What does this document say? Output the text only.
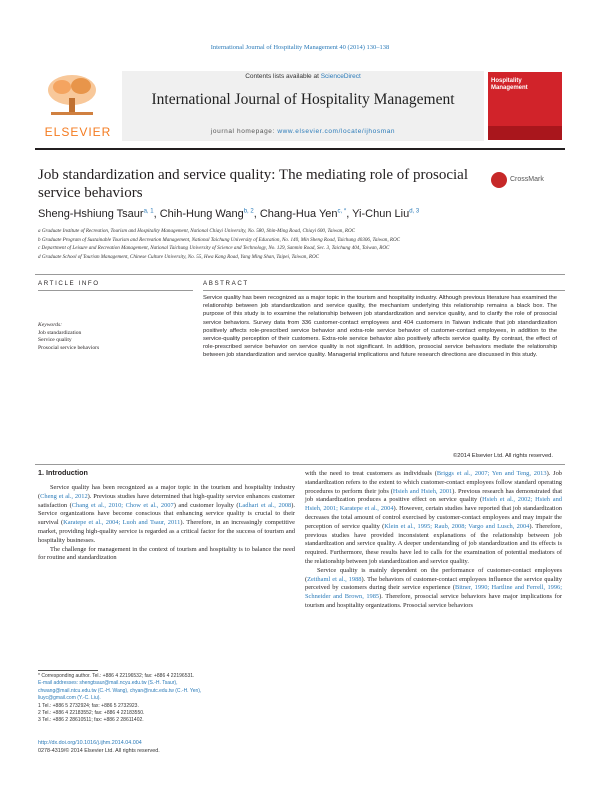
International Journal of Hospitality Management 40 (2014) 130–138
ELSEVIER
Contents lists available at ScienceDirect
International Journal of Hospitality Management
journal homepage: www.elsevier.com/locate/ijhosman
Hospitality Management
Job standardization and service quality: The mediating role of prosocial service behaviors
CrossMark
Sheng-Hshiung Tsaur$^{a, 1}$, Chih-Hung Wang$^{b, 2}$, Chang-Hua Yen$^{c, *}$, Yi-Chun Liu$^{d, 3}$
a Graduate Institute of Recreation, Tourism and Hospitality Management, National Chiayi University, No. 580, Shin-Ming Road, Chiayi 600, Taiwan, ROC
b Graduate Program of Sustainable Tourism and Recreation Management, National Taichung University of Education, No. 140, Min Sheng Road, Taichung 40306, Taiwan, ROC
c Department of Leisure and Recreation Management, National Taichung University of Science and Technology, No. 129, Sanmin Road, Sec. 3, Taichung 404, Taiwan, ROC
d Graduate School of Tourism Management, Chinese Culture University, No. 55, Hwa Kang Road, Yang Ming Shan, Taipei, Taiwan, ROC
ARTICLE INFO	ABSTRACT
Keywords:
Job standardization
Service quality
Prosocial service behaviors
Service quality has been recognized as a major topic in the tourism and hospitality industry. Although previous literature has examined the relationship between job standardization and service quality, the mechanism underlying this relationship remains a black box. The purpose of this study is to examine the relationship between job standardization and service quality, and to clarify the role of prosocial service behaviors. Survey data from 336 customer-contact employees and 404 customers in Taiwan indicate that job standardization positively affects role-prescribed service behavior and extra-role service behavior of customer-contact employees, in addition to the service-quality perception of their customers. Extra-role service behavior also positively affects service quality. By contrast, the effect of role-prescribed service behavior on service quality is not significant. In addition, prosocial service behaviors mediate the relationship between job standardization and service quality. Managerial implications and future research directions are discussed in this study.
©2014 Elsevier Ltd. All rights reserved.
1. Introduction

Service quality has been recognized as a major topic in the tourism and hospitality industry (Cheng et al., 2012). Previous studies have determined that high-quality service enhances customer satisfaction (Chang et al., 2010; Chow et al., 2007) and customer loyalty (Ladhari et al., 2008). Service organizations have become conscious that enhancing service quality is crucial to their survival (Karatepe et al., 2004; Luoh and Tsaur, 2011). Therefore, in an increasingly competitive market, providing high-quality service is regarded as a critical factor for the success of tourism and hospitality businesses.

The challenge for management in the context of tourism and hospitality is to balance the need for routine and standardization

with the need to treat customers as individuals (Briggs et al., 2007; Yen and Teng, 2013). Job standardization refers to the extent to which customer-contact employees follow standard operating procedures to perform their jobs (Hsieh and Hsieh, 2001). Previous research has demonstrated that job standardization produces a positive effect on service quality (Hsieh et al., 2002; Hsieh and Hsieh, 2001; Karatepe et al., 2004). However, certain studies have reported that job standardization decreases the total amount of control exercised by customer-contact employees and may impair the perception of service quality (Klein et al., 1995; Raub, 2008; Vargo and Lusch, 2004). Therefore, previous studies have provided inconsistent explanations of the relationship between job standardization and service quality. A deeper understanding of job standardization and its effects is required. Furthermore, these results have led to calls for the examination of potential mediators of the relationship between job standardization and service quality.

Service quality is mainly dependent on the performance of customer-contact employees (Zeithaml et al., 1988). The behaviors of customer-contact employees influence the service quality perceived by customers during their service experience (Bitner, 1990; Hartline and Ferrell, 1996; Schneider and Brown, 1985). Therefore, prosocial service behaviors have major implications for tourism and hospitality organizations. Prosocial service behaviors

* Corresponding author. Tel.: +886 4 22196532; fax: +886 4 22196531.
E-mail addresses: shengtsaur@mail.ncyu.edu.tw (S.-H. Tsaur),
chwang@mail.ntcu.edu.tw (C.-H. Wang), chyan@nutc.edu.tw (C.-H. Yen),
liuyc@gmail.com (Y.-C. Liu).
1 Tel.: +886 5 2732924; fax: +886 5 2732923.
2 Tel.: +886 4 22183552; fax: +886 4 22183550.
3 Tel.: +886 2 28610511; fax: +886 2 28611402.
http://dx.doi.org/10.1016/j.ijhm.2014.04.004
0278-4319/© 2014 Elsevier Ltd. All rights reserved.
